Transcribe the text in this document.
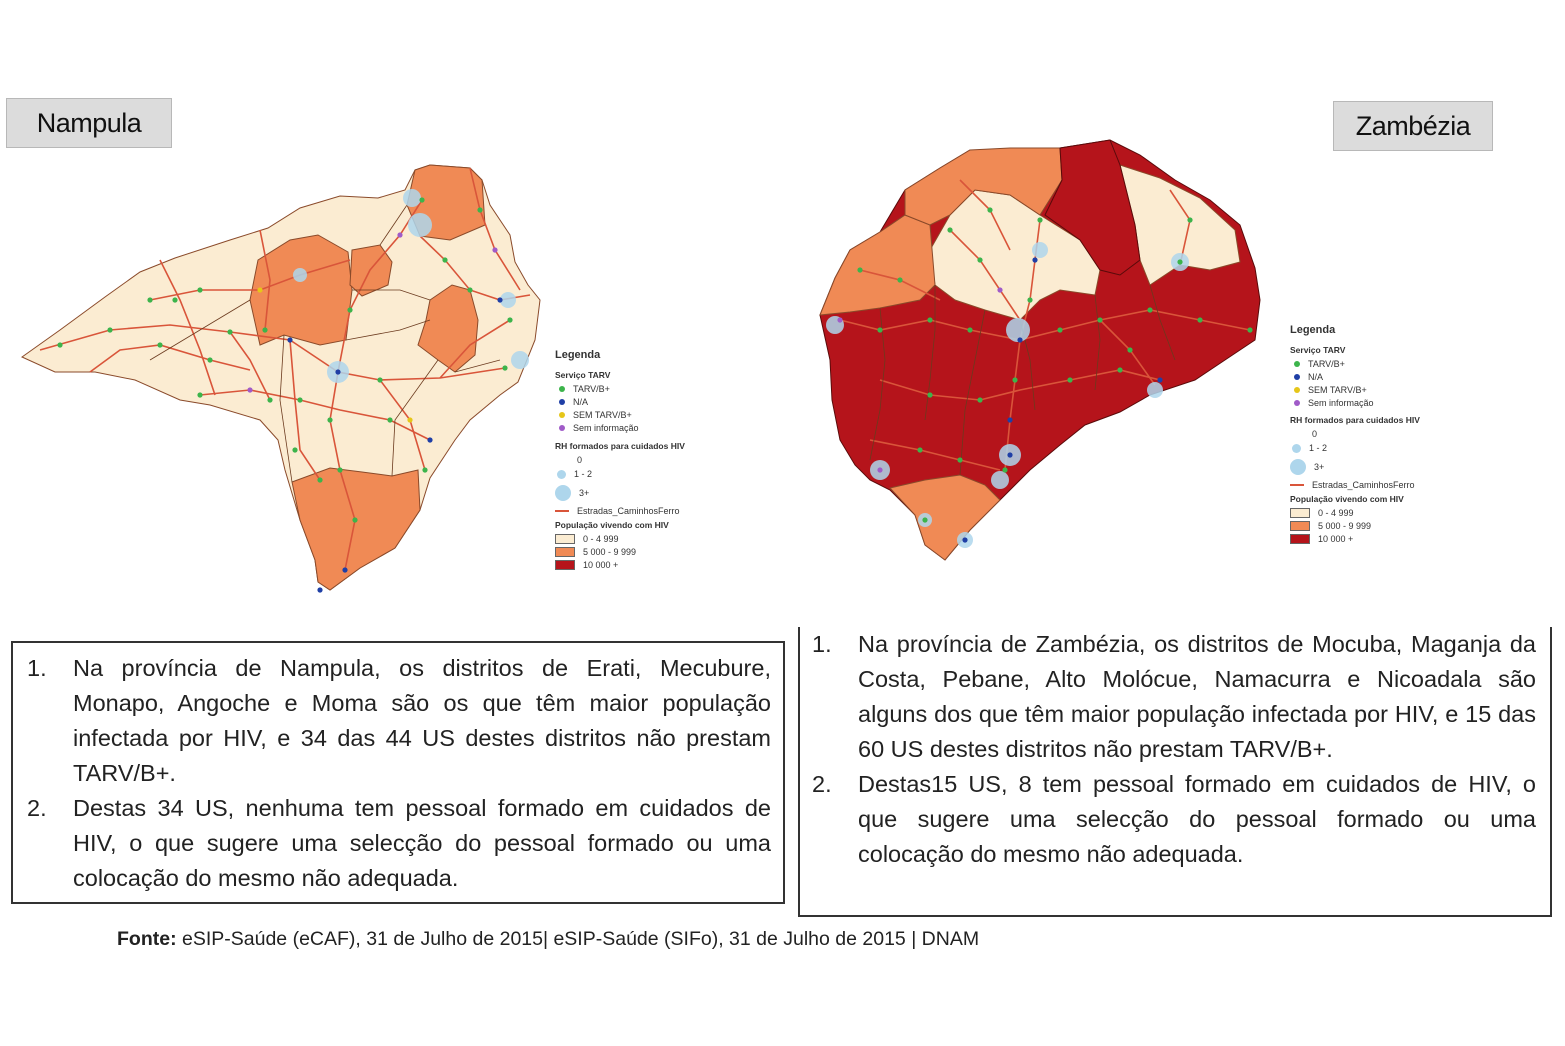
Nampula	Zambézia
Legenda
Serviço TARV
TARV/B+
N/A
SEM TARV/B+
Sem informação
RH formados para cuidados HIV
0
1 - 2
3+
Estradas_CaminhosFerro
População vivendo com HIV
0 - 4 999
5 000 - 9 999
10 000 +
Legenda
Serviço TARV
TARV/B+
N/A
SEM TARV/B+
Sem informação
RH formados para cuidados HIV
0
1 - 2
3+
Estradas_CaminhosFerro
População vivendo com HIV
0 - 4 999
5 000 - 9 999
10 000 +
1.	Na província de Nampula, os distritos de Erati, Mecubure, Monapo, Angoche e Moma são os que têm maior população infectada por HIV, e 34 das 44 US destes distritos não prestam TARV/B+.
2.	Destas 34 US, nenhuma tem pessoal formado em cuidados de HIV, o que sugere uma selecção do pessoal formado ou uma colocação do mesmo não adequada.
1.	Na província de Zambézia, os distritos de Mocuba, Maganja da Costa, Pebane, Alto Molócue, Namacurra e Nicoadala são alguns dos que têm maior população infectada por HIV, e 15 das 60 US destes distritos não prestam TARV/B+.
2.	Destas15 US, 8 tem pessoal formado em cuidados de HIV, o que sugere uma selecção do pessoal formado ou uma colocação do mesmo não adequada.
Fonte: eSIP-Saúde (eCAF), 31 de Julho de 2015| eSIP-Saúde (SIFo), 31 de Julho de 2015 | DNAM
